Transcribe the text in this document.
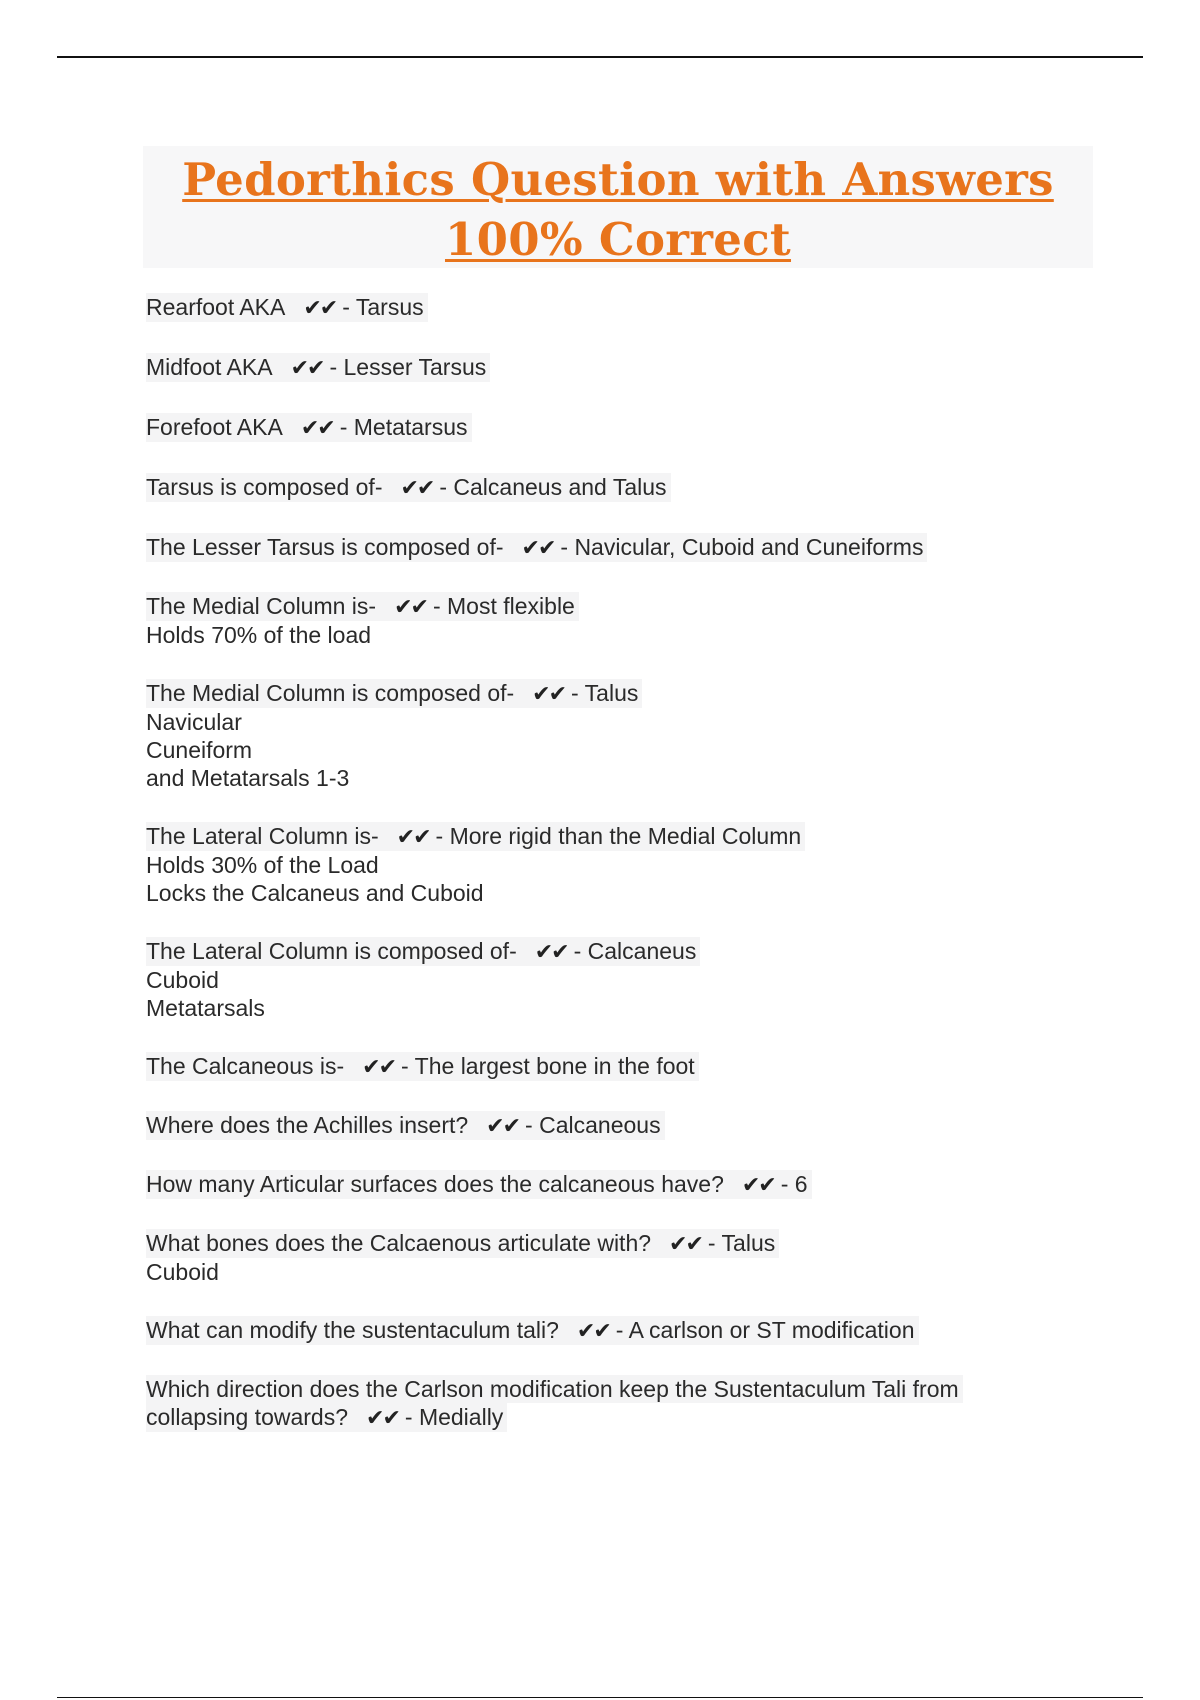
Pedorthics Question with Answers
100% Correct
Rearfoot AKA ✔✔ - Tarsus
Midfoot AKA ✔✔ - Lesser Tarsus
Forefoot AKA ✔✔ - Metatarsus
Tarsus is composed of- ✔✔ - Calcaneus and Talus
The Lesser Tarsus is composed of- ✔✔ - Navicular, Cuboid and Cuneiforms
The Medial Column is- ✔✔ - Most flexible
Holds 70% of the load
The Medial Column is composed of- ✔✔ - Talus
Navicular
Cuneiform
and Metatarsals 1-3
The Lateral Column is- ✔✔ - More rigid than the Medial Column
Holds 30% of the Load
Locks the Calcaneus and Cuboid
The Lateral Column is composed of- ✔✔ - Calcaneus
Cuboid
Metatarsals
The Calcaneous is- ✔✔ - The largest bone in the foot
Where does the Achilles insert? ✔✔ - Calcaneous
How many Articular surfaces does the calcaneous have? ✔✔ - 6
What bones does the Calcaenous articulate with? ✔✔ - Talus
Cuboid
What can modify the sustentaculum tali? ✔✔ - A carlson or ST modification
Which direction does the Carlson modification keep the Sustentaculum Tali from
collapsing towards? ✔✔ - Medially
